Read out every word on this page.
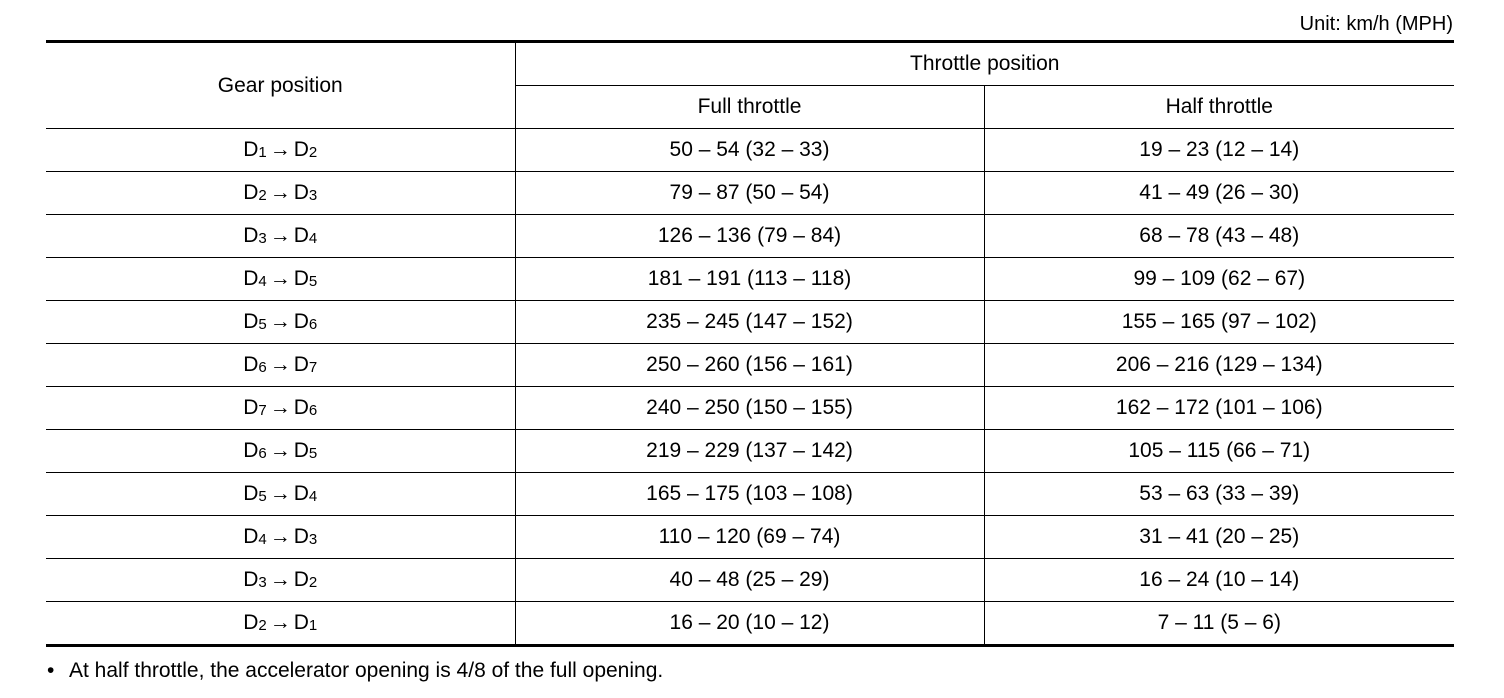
Unit: km/h (MPH)
Gear position	Throttle position	
	Full throttle	Half throttle
$D_1 \to D_2$	50 – 54 (32 – 33)	19 – 23 (12 – 14)
$D_2 \to D_3$	79 – 87 (50 – 54)	41 – 49 (26 – 30)
$D_3 \to D_4$	126 – 136 (79 – 84)	68 – 78 (43 – 48)
$D_4 \to D_5$	181 – 191 (113 – 118)	99 – 109 (62 – 67)
$D_5 \to D_6$	235 – 245 (147 – 152)	155 – 165 (97 – 102)
$D_6 \to D_7$	250 – 260 (156 – 161)	206 – 216 (129 – 134)
$D_7 \to D_6$	240 – 250 (150 – 155)	162 – 172 (101 – 106)
$D_6 \to D_5$	219 – 229 (137 – 142)	105 – 115 (66 – 71)
$D_5 \to D_4$	165 – 175 (103 – 108)	53 – 63 (33 – 39)
$D_4 \to D_3$	110 – 120 (69 – 74)	31 – 41 (20 – 25)
$D_3 \to D_2$	40 – 48 (25 – 29)	16 – 24 (10 – 14)
$D_2 \to D_1$	16 – 20 (10 – 12)	7 – 11 (5 – 6)
• At half throttle, the accelerator opening is 4/8 of the full opening.
